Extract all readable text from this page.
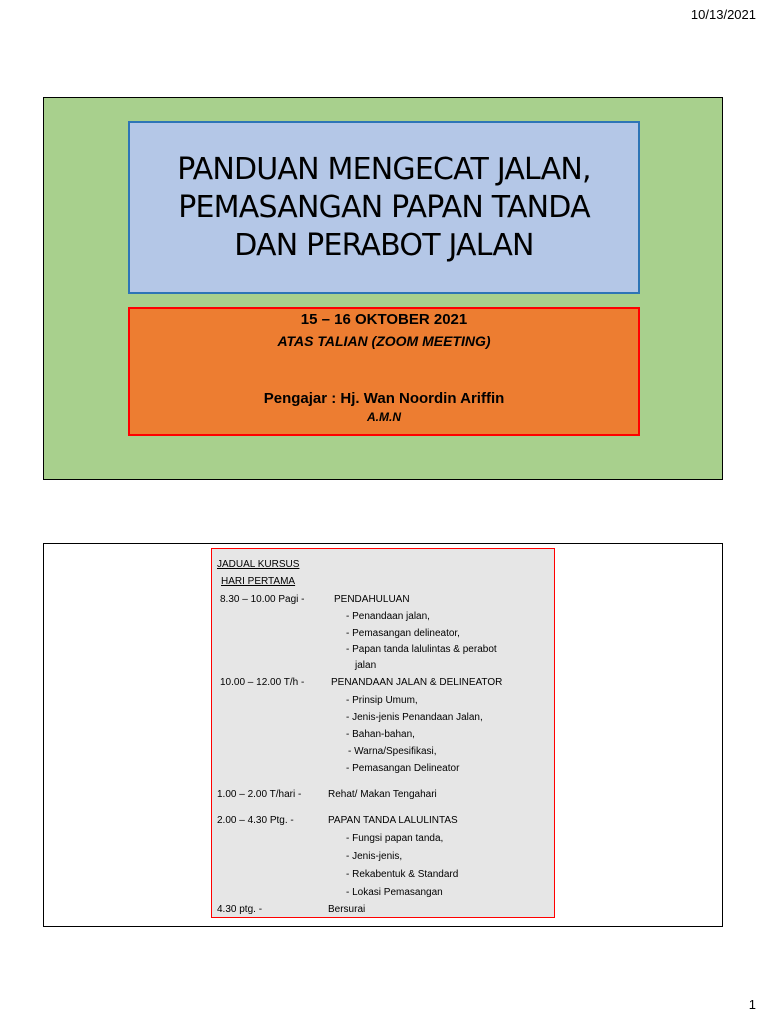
10/13/2021
PANDUAN MENGECAT JALAN,
PEMASANGAN PAPAN TANDA
DAN PERABOT JALAN
15 – 16 OKTOBER 2021
ATAS TALIAN (ZOOM MEETING)
Pengajar : Hj. Wan Noordin Ariffin
A.M.N
JADUAL KURSUS
HARI PERTAMA
8.30 – 10.00 Pagi -	PENDAHULUAN
- Penandaan jalan,
- Pemasangan delineator,
- Papan tanda lalulintas & perabot
jalan
10.00 – 12.00 T/h -	PENANDAAN JALAN & DELINEATOR
- Prinsip Umum,
- Jenis-jenis Penandaan Jalan,
- Bahan-bahan,
- Warna/Spesifikasi,
- Pemasangan Delineator
1.00 – 2.00 T/hari -	Rehat/ Makan Tengahari
2.00 – 4.30 Ptg. -	PAPAN TANDA LALULINTAS
- Fungsi papan tanda,
- Jenis-jenis,
- Rekabentuk & Standard
- Lokasi Pemasangan
4.30 ptg. -	Bersurai
1
